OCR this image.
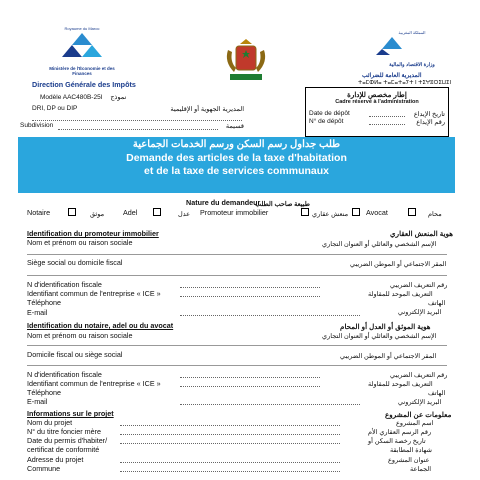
Royaume du Maroc
Ministère de l'Économie et des Finances
Direction Générale des Impôts
Modèle AAC480B-25I نموذج
DRI, DP ou DIP	المديرية الجهوية أو الإقليمية
Subdivision	قسيمة
المملكة المغربية
وزارة الاقتصاد والمالية
المديرية العامة للضرائب
ⵜⴰⵎⵀⵍⴰ ⵜⴰⵎⴰⵜⴰⵢⵜ ⵏ ⵜⵉⵖⵓⵔⵉⵡⵉⵏ
إطار مخصص للإدارة
Cadre réservé à l'administration
Date de dépôt	تاريخ الإيداع
N° de dépôt	رقم الإيداع
طلب جداول رسم السكن ورسم الخدمات الجماعية
Demande des articles de la taxe d'habitation
et de la taxe de services communaux
Nature du demandeur
طبيعة صاحب الطلب
Notaire	موثق	Adel	عدل Promoteur immobilier	منعش عقاري Avocat	محام
Identification du promoteur immobilier	هوية المنعش العقاري
Nom et prénom ou raison sociale	الإسم الشخصي والعائلي أو العنوان التجاري
Siège social ou domicile fiscal	المقر الاجتماعي أو الموطن الضريبي
N d'identification fiscale	رقم التعريف الضريبي
Identifiant commun de l'entreprise « ICE »	التعريف الموحد للمقاولة
Téléphone	الهاتف
E-mail	البريد الإلكتروني
Identification du notaire, adel ou du avocat	هوية الموثق أو العدل أو المحام
Nom et prénom ou raison sociale	الإسم الشخصي والعائلي أو العنوان التجاري
Domicile fiscal ou siège social	المقر الاجتماعي أو الموطن الضريبي
N d'identification fiscale	رقم التعريف الضريبي
Identifiant commun de l'entreprise « ICE »	التعريف الموحد للمقاولة
Téléphone	الهاتف
E-mail	البريد الإلكتروني
Informations sur le projet	معلومات عن المشروع
Nom du projet	اسم المشروع
N° du titre foncier mère	رقم الرسم العقاري الأم
Date du permis d'habiter/	تاريخ رخصة السكن أو
certificat de conformité	شهادة المطابقة
Adresse du projet	عنوان المشروع
Commune	الجماعة
